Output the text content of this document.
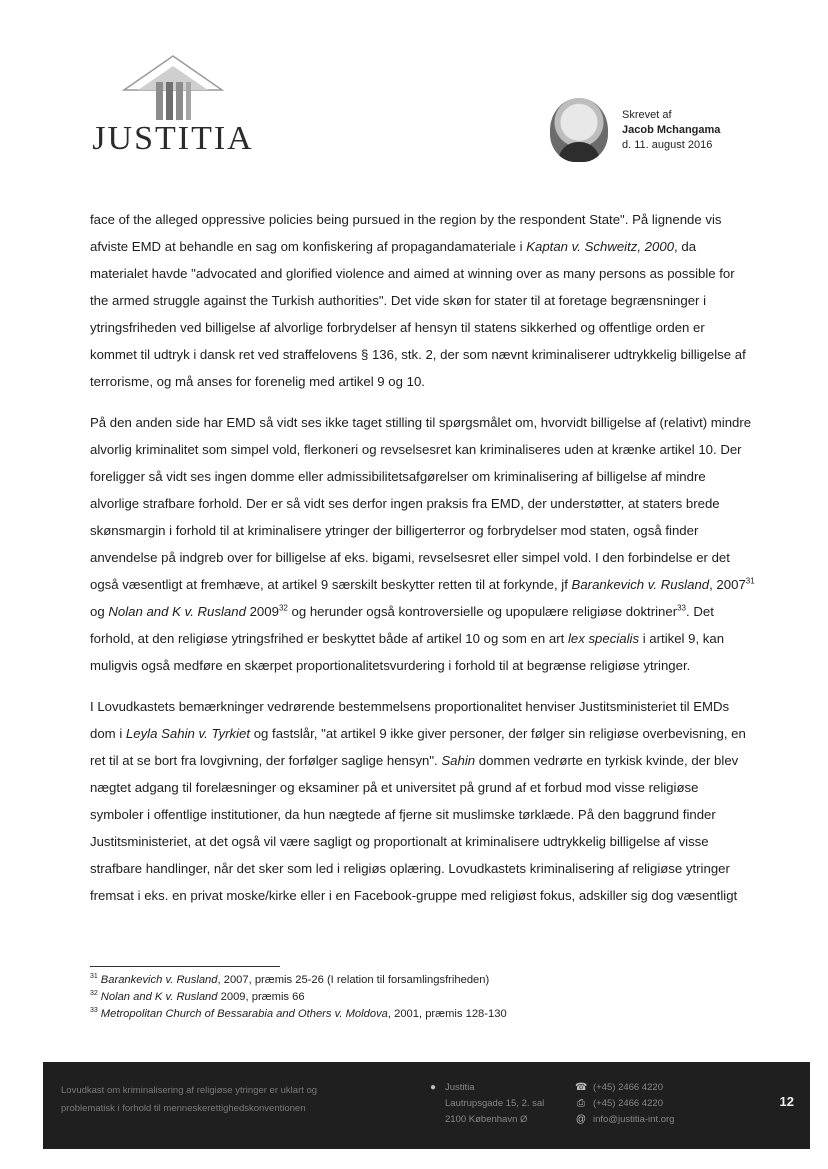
JUSTITIA
Skrevet af
Jacob Mchangama
d. 11. august 2016

face of the alleged oppressive policies being pursued in the region by the respondent State". På lignende vis afviste EMD at behandle en sag om konfiskering af propagandamateriale i Kaptan v. Schweitz, 2000, da materialet havde "advocated and glorified violence and aimed at winning over as many persons as possible for the armed struggle against the Turkish authorities". Det vide skøn for stater til at foretage begrænsninger i ytringsfriheden ved billigelse af alvorlige forbrydelser af hensyn til statens sikkerhed og offentlige orden er kommet til udtryk i dansk ret ved straffelovens § 136, stk. 2, der som nævnt kriminaliserer udtrykkelig billigelse af terrorisme, og må anses for forenelig med artikel 9 og 10.

På den anden side har EMD så vidt ses ikke taget stilling til spørgsmålet om, hvorvidt billigelse af (relativt) mindre alvorlig kriminalitet som simpel vold, flerkoneri og revselsesret kan kriminaliseres uden at krænke artikel 10. Der foreligger så vidt ses ingen domme eller admissibilitetsafgørelser om kriminalisering af billigelse af mindre alvorlige strafbare forhold. Der er så vidt ses derfor ingen praksis fra EMD, der understøtter, at staters brede skønsmargin i forhold til at kriminalisere ytringer der billigerterror og forbrydelser mod staten, også finder anvendelse på indgreb over for billigelse af eks. bigami, revselsesret eller simpel vold. I den forbindelse er det også væsentligt at fremhæve, at artikel 9 særskilt beskytter retten til at forkynde, jf Barankevich v. Rusland, 2007$^{31}$ og Nolan and K v. Rusland 2009$^{32}$ og herunder også kontroversielle og upopulære religiøse doktriner$^{33}$. Det forhold, at den religiøse ytringsfrihed er beskyttet både af artikel 10 og som en art lex specialis i artikel 9, kan muligvis også medføre en skærpet proportionalitetsvurdering i forhold til at begrænse religiøse ytringer.

I Lovudkastets bemærkninger vedrørende bestemmelsens proportionalitet henviser Justitsministeriet til EMDs dom i Leyla Sahin v. Tyrkiet og fastslår, "at artikel 9 ikke giver personer, der følger sin religiøse overbevisning, en ret til at se bort fra lovgivning, der forfølger saglige hensyn". Sahin dommen vedrørte en tyrkisk kvinde, der blev nægtet adgang til forelæsninger og eksaminer på et universitet på grund af et forbud mod visse religiøse symboler i offentlige institutioner, da hun nægtede af fjerne sit muslimske tørklæde. På den baggrund finder Justitsministeriet, at det også vil være sagligt og proportionalt at kriminalisere udtrykkelig billigelse af visse strafbare handlinger, når det sker som led i religiøs oplæring. Lovudkastets kriminalisering af religiøse ytringer fremsat i eks. en privat moske/kirke eller i en Facebook-gruppe med religiøst fokus, adskiller sig dog væsentligt

$^{31}$ Barankevich v. Rusland, 2007, præmis 25-26 (I relation til forsamlingsfriheden)
$^{32}$ Nolan and K v. Rusland 2009, præmis 66
$^{33}$ Metropolitan Church of Bessarabia and Others v. Moldova, 2001, præmis 128-130
Lovudkast om kriminalisering af religiøse ytringer er uklart og
problematisk i forhold til menneskerettighedskonventionen
● Justitia
Lautrupsgade 15, 2. sal
2100 København Ø
☎ (+45) 2466 4220
⎙ (+45) 2466 4220
@ info@justitia-int.org
12
